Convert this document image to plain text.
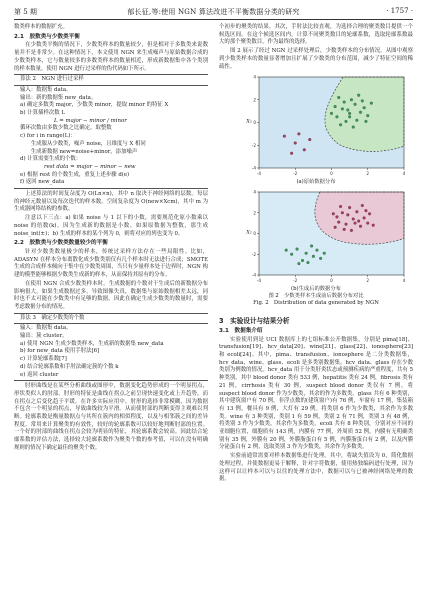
第 5 期	郁长征,等:使用 NGN 算法改进不平衡数据分类的研究	· 1757 ·

数类样本的数据扩充。

2.1　胶数类与少数类平衡

在少数类平衡的情况下，少数类样本的数量较少，但是相对于多数类来说数量并不是非常少。在这种情况下，本文使用 NGN 来生成噪声与原始数据合成的少数类样本，它与数量较多的多数类样本的数量相近，形成新数据集中各个类别的样本数量。使用 NGN 进行过采样的伪代码如下所示。

算法 2　NGN 进行过采样
输入：数据集 data。
输出：新的数据集 new_data。
a) 确定多数类 major，少数类 minor，提取 minor 的特征 X
b) 计算插样次数 L
L = major − minor / minor
循环次数由多数少数之比确定，取整数
c) for i in range(L)：
　　生成服从少数类，噪声 noise，且维度与 X 相同
　　生成新数据 new=noise+minor，添加噪声
d) 计算需要生成的个数：
rest data = major − minor − new
e) 根据 rest 的个数生成，重复上述步骤 d(e)
f) 返回 new_data

上述算法的时间复杂度为 O(Ln×n)，其中 n 取决于神经网络的层数。每层的神经元数量以及每次迭代的样本数。空间复杂度为 O(new×Xcm)，其中 m 为生成器网络结构的参数。

注意以下三点：a) 如果 noise 与 1 以下的小数，需要规范化原小数乘以 noise 的倍数(k)，因为生成新的数据是小数。如果原数据为整数，那生成 noise_int(±)；b) 生成的样本的某个列为 0，则将对应的列也变为 0。

2.2　胶数类与少数类数量较少的平衡

针对少数类数量极少的样本，传统过采样方法存在一些局限性。比如，ADASYN 在样本分布离散化成少数类别仅有几个样本时无法进行合成；SMOTE 生成的合成样本倾向于集中在少数类周围，当只有少量样本处于边界时，NGN 构建的模型能够根据少数类生成新的样本，从而保持其原有的分布。

在使用 NGN 合成少数类样本时，生成数据的个数对于生成后的新数据分布影响很大。如果生成数据过多，导致图像失真，数据集与原始数据相差太远，同时也不太可能在少数类中有足够的数据。因此在确定生成少数类的数量时，需要考虑数据分布的情况。

算法 3　确定少数类的个数
输入：数据集 data。
输出：簇 cluster。
a) 使用 NGN 生成少数类样本，生成新的数据集 new_data
b) for new_data 使用手肘法[6]
c) 计算轮廓系数[7]
d) 结合轮廓系数和手肘法确定簇的个数 k
e) 返回 cluster

肘形曲线是在某些分析曲线或图形中，数据变化趋势形成的一个明显拐点，形状类似人的肘部。肘形的特征是曲线在拐点之前呈现快速变化或上升趋势，而在拐点之后变化趋于平缓。在许多实际应用中，肘形的选择非常模糊，因为数据不包含一个明显的拐点，导致曲线较为平滑。从而使肘部的判断变得主观难以判断。轮廓系数是衡量数据点与其所在簇内的相似程度，以及与相邻簇之间的差异程度，常用来计算聚类的有效性，较好的轮廓系数可以较好地判断肘部的位置。一个好的肘部的曲线在拐点会较为明显的特征，其轮廓系数会较高。因此结合轮廓系数的评估方法，选择较大轮廓系数作为聚类个数的参考值，可以在没有明确规则的情况下确定最佳的聚类个数。

个初步的聚类的结果。其次，手肘法比较直观，为选择合理的聚类数目提供一个候选区间。在这个候选区间内，计算不同聚类数目的轮廓系数，选取轮廓系数最大的那个聚类数目，作为最终的选择。

图 2 展示了经过 NGN 过采样处理后，少数类样本的分布情况。从图中观察到少数类样本的数量显著增加且扩展了少数类的分布范围，减少了特征空间的稀疏性。

-4
-4
-2
-2
0
0
2
2
4
4
X₂
(a)原始数据分布
-4
-4
-2
-2
0
0
2
2
4
4
X₂
(b)生成后的数据分布
图 2　少数类样本生成前后数据分布对比
Fig. 2　Distribution of data generated by NGN
3　实验设计与结果分析
3.1　数据集介绍

实验使用到是 UCI 数据库上的七组标准公开数据集，分别是 pima[18]、transfusion[19]、hcv_data[20]、wine[21]、glass[22]、ionosphere[23] 和 ecoli[24]。其中，pima、transfusion、ionosphere 是二分类数据集，hcv_data、wine、glass、ecoli 是多类别数据集。hcv_data、glass 存在少数类别为例数的情况。hcv_data 用于分类肝炎状态或预测疾病的严重程度，共有 5 种类别，其中 blood donor 类有 533 例，hepatitis 类有 24 例，fibrosis 类有 21 例，cirrhosis 类有 30 例，suspect blood donor 类仅有 7 例，将 suspect blood donor 作为少数类，其余的作为多数类。glass 共有 6 种类别，其中建筑窗户有 70 例，非浮点数的(建筑窗户)有 76 例，车窗有 17 例，集装箱有 13 例，餐具有 9 例，大灯有 29 例。将类别 6 作为少数类，其余作为多数类。wine 有 3 种类别，类别 1 有 59 例，类别 2 有 71 例，类别 3 有 48 例，将类别 3 作为少数类，其余作为多数类。ecoli 共有 8 种类别，分别对应不同的亚细胞位置，细胞质有 143 例，内膜有 77 例，外周质 52 例，内膜有无明确类别有 35 例，外膜有 20 例，外膜脂蛋白有 5 例，内膜脂蛋白有 2 例，以及内膜分泌蛋白有 2 例，选取类别 3 作为少数类，其余作为多数类。

实验前通常需要对样本数据集进行处理。其中，将缺失值设为 0，简化数据处理过程，并使数据更易于解释，针对字符数据，使用热独编码进行处理，因为这样可以让样本可以与以往的处理方法中，数据可以与已被神经网络处理的数据。
